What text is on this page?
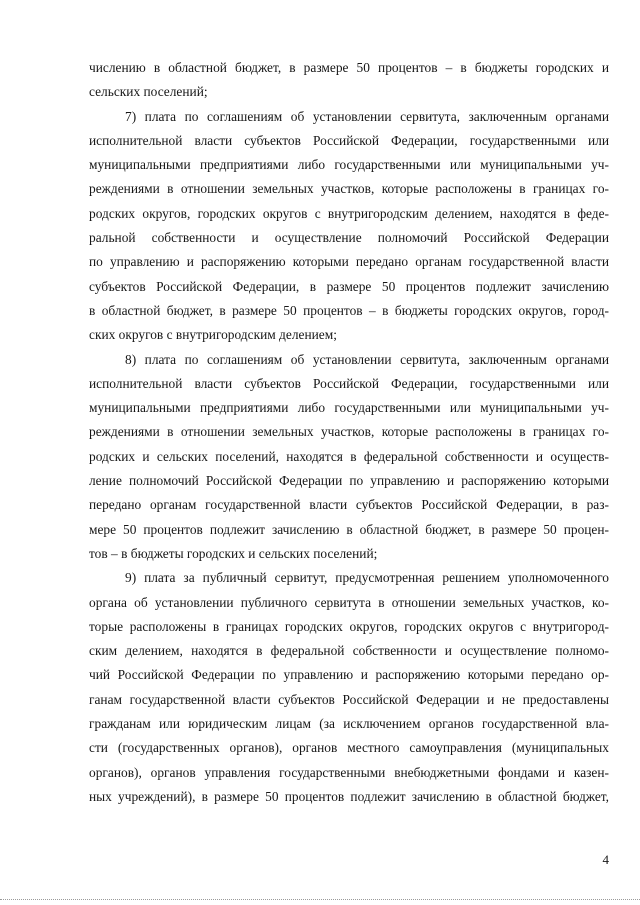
числению в областной бюджет, в размере 50 процентов – в бюджеты городских и
сельских поселений;
7) плата по соглашениям об установлении сервитута, заключенным органами
исполнительной власти субъектов Российской Федерации, государственными или
муниципальными предприятиями либо государственными или муниципальными уч-
реждениями в отношении земельных участков, которые расположены в границах го-
родских округов, городских округов с внутригородским делением, находятся в феде-
ральной собственности и осуществление полномочий Российской Федерации
по управлению и распоряжению которыми передано органам государственной власти
субъектов Российской Федерации, в размере 50 процентов подлежит зачислению
в областной бюджет, в размере 50 процентов – в бюджеты городских округов, город-
ских округов с внутригородским делением;
8) плата по соглашениям об установлении сервитута, заключенным органами
исполнительной власти субъектов Российской Федерации, государственными или
муниципальными предприятиями либо государственными или муниципальными уч-
реждениями в отношении земельных участков, которые расположены в границах го-
родских и сельских поселений, находятся в федеральной собственности и осуществ-
ление полномочий Российской Федерации по управлению и распоряжению которыми
передано органам государственной власти субъектов Российской Федерации, в раз-
мере 50 процентов подлежит зачислению в областной бюджет, в размере 50 процен-
тов – в бюджеты городских и сельских поселений;
9) плата за публичный сервитут, предусмотренная решением уполномоченного
органа об установлении публичного сервитута в отношении земельных участков, ко-
торые расположены в границах городских округов, городских округов с внутригород-
ским делением, находятся в федеральной собственности и осуществление полномо-
чий Российской Федерации по управлению и распоряжению которыми передано ор-
ганам государственной власти субъектов Российской Федерации и не предоставлены
гражданам или юридическим лицам (за исключением органов государственной вла-
сти (государственных органов), органов местного самоуправления (муниципальных
органов), органов управления государственными внебюджетными фондами и казен-
ных учреждений), в размере 50 процентов подлежит зачислению в областной бюджет,
4
